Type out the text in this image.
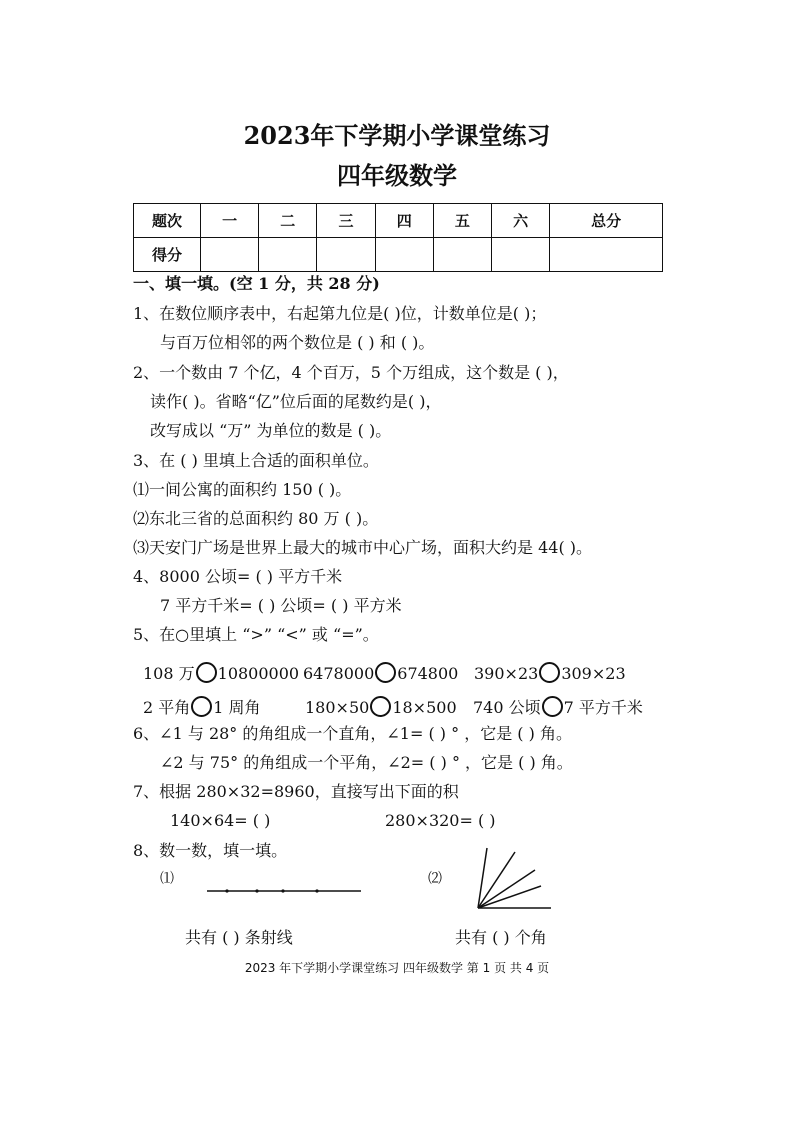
2023年下学期小学课堂练习
四年级数学
题次	一	二	三	四	五	六	总分
得分							
一、填一填。(空 1 分，共 28 分)
1、在数位顺序表中，右起第九位是( )位，计数单位是( )；
与百万位相邻的两个数位是 ( ) 和 ( )。
2、一个数由 7 个亿，4 个百万，5 个万组成，这个数是 ( )，
读作( )。省略“亿”位后面的尾数约是( )，
改写成以 “万” 为单位的数是 ( )。
3、在 ( ) 里填上合适的面积单位。
⑴一间公寓的面积约 150 ( )。
⑵东北三省的总面积约 80 万 ( )。
⑶天安门广场是世界上最大的城市中心广场，面积大约是 44( )。
4、8000 公顷= ( ) 平方千米
7 平方千米= ( ) 公顷= ( ) 平方米
5、在○里填上 “>” “<” 或 “=”。
108 万 10800000 6478000 674800 390×23 309×23
2 平角 1 周角	180×50 18×500 740 公顷 7 平方千米
6、∠1 与 28° 的角组成一个直角，∠1= ( ) ° ，它是 ( ) 角。
∠2 与 75° 的角组成一个平角，∠2= ( ) ° ，它是 ( ) 角。
7、根据 280×32=8960，直接写出下面的积
140×64= ( )	280×320= ( )
8、数一数，填一填。
⑴	⑵
共有 ( ) 条射线	共有 ( ) 个角
2023 年下学期小学课堂练习 四年级数学 第 1 页 共 4 页
